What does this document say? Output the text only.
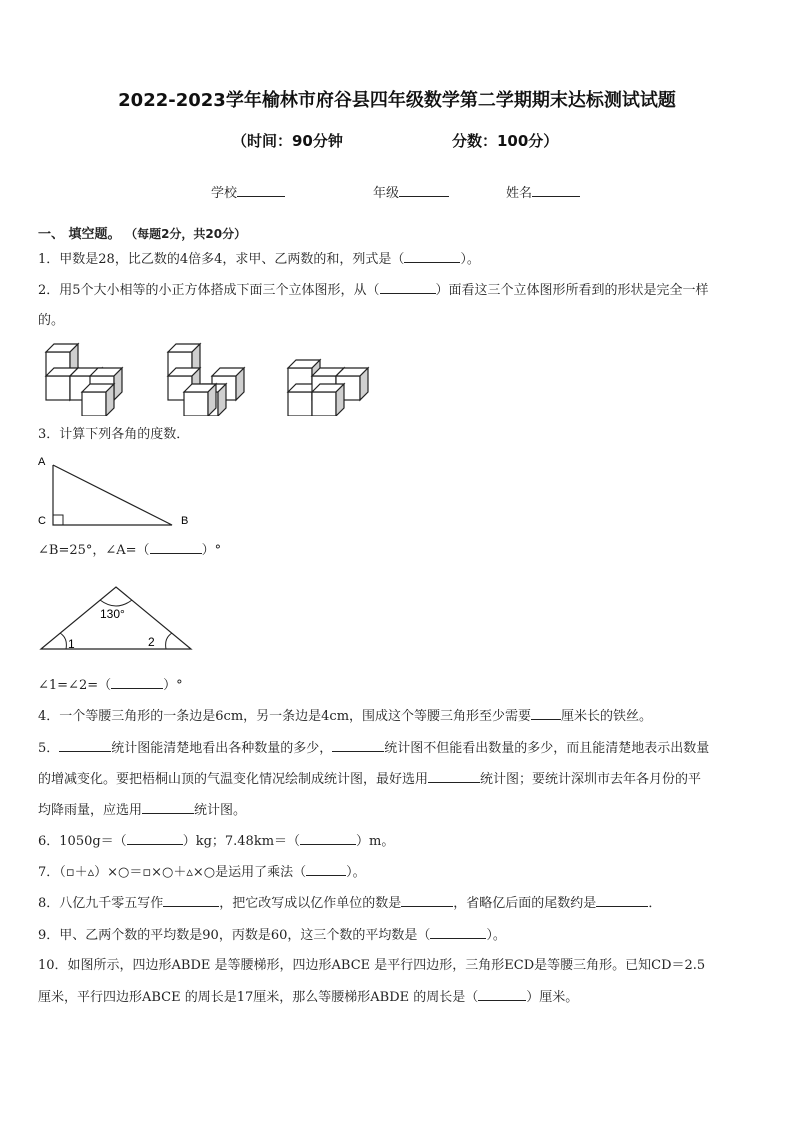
2022-2023学年榆林市府谷县四年级数学第二学期期末达标测试试题
（时间：90分钟	分数：100分）
学校	年级	姓名
一、 填空题。 （每题2分，共20分）
1．甲数是28，比乙数的4倍多4，求甲、乙两数的和，列式是（	）。
2．用5个大小相等的小正方体搭成下面三个立体图形，从（	）面看这三个立体图形所看到的形状是完全一样
的。
3．计算下列各角的度数．
A
C	B
∠B=25°，∠A=（	）°
130°
1	2
∠1=∠2=（	）°
4．一个等腰三角形的一条边是6cm，另一条边是4cm，围成这个等腰三角形至少需要 厘米长的铁丝。
5．	统计图能清楚地看出各种数量的多少，	统计图不但能看出数量的多少，而且能清楚地表示出数量
的增减变化。要把梧桐山顶的气温变化情况绘制成统计图，最好选用	统计图；要统计深圳市去年各月份的平
均降雨量，应选用	统计图。
6．1050g＝（	）kg；7.48km＝（	）m。
7．（▫＋▵）×○＝▫×○＋▵×○是运用了乘法（	）。
8．八亿九千零五写作	，把它改写成以亿作单位的数是	，省略亿后面的尾数约是	．
9．甲、乙两个数的平均数是90，丙数是60，这三个数的平均数是（	）。
10．如图所示，四边形ABDE 是等腰梯形，四边形ABCE 是平行四边形，三角形ECD是等腰三角形。已知CD＝2.5
厘米，平行四边形ABCE 的周长是17厘米，那么等腰梯形ABDE 的周长是（	）厘米。
